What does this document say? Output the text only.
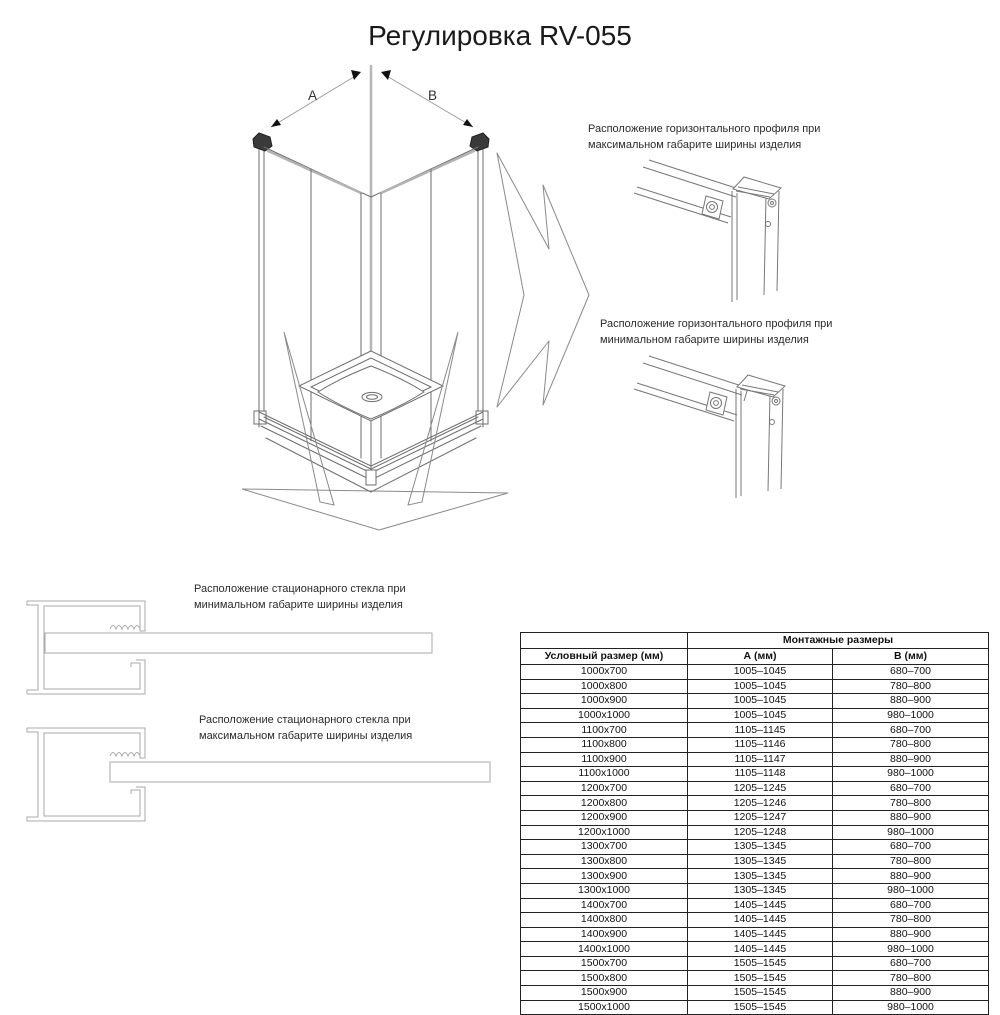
Регулировка RV-055
A	B
Расположение горизонтального профиля при
максимальном габарите ширины изделия
Расположение горизонтального профиля при
минимальном габарите ширины изделия
Расположение стационарного стекла при
минимальном габарите ширины изделия
Расположение стационарного стекла при
максимальном габарите ширины изделия
	Монтажные размеры	
Условный размер (мм)	А (мм)	В (мм)
1000x700	1005–1045	680–700
1000x800	1005–1045	780–800
1000x900	1005–1045	880–900
1000x1000	1005–1045	980–1000
1100x700	1105–1145	680–700
1100x800	1105–1146	780–800
1100x900	1105–1147	880–900
1100x1000	1105–1148	980–1000
1200x700	1205–1245	680–700
1200x800	1205–1246	780–800
1200x900	1205–1247	880–900
1200x1000	1205–1248	980–1000
1300x700	1305–1345	680–700
1300x800	1305–1345	780–800
1300x900	1305–1345	880–900
1300x1000	1305–1345	980–1000
1400x700	1405–1445	680–700
1400x800	1405–1445	780–800
1400x900	1405–1445	880–900
1400x1000	1405–1445	980–1000
1500x700	1505–1545	680–700
1500x800	1505–1545	780–800
1500x900	1505–1545	880–900
1500x1000	1505–1545	980–1000
